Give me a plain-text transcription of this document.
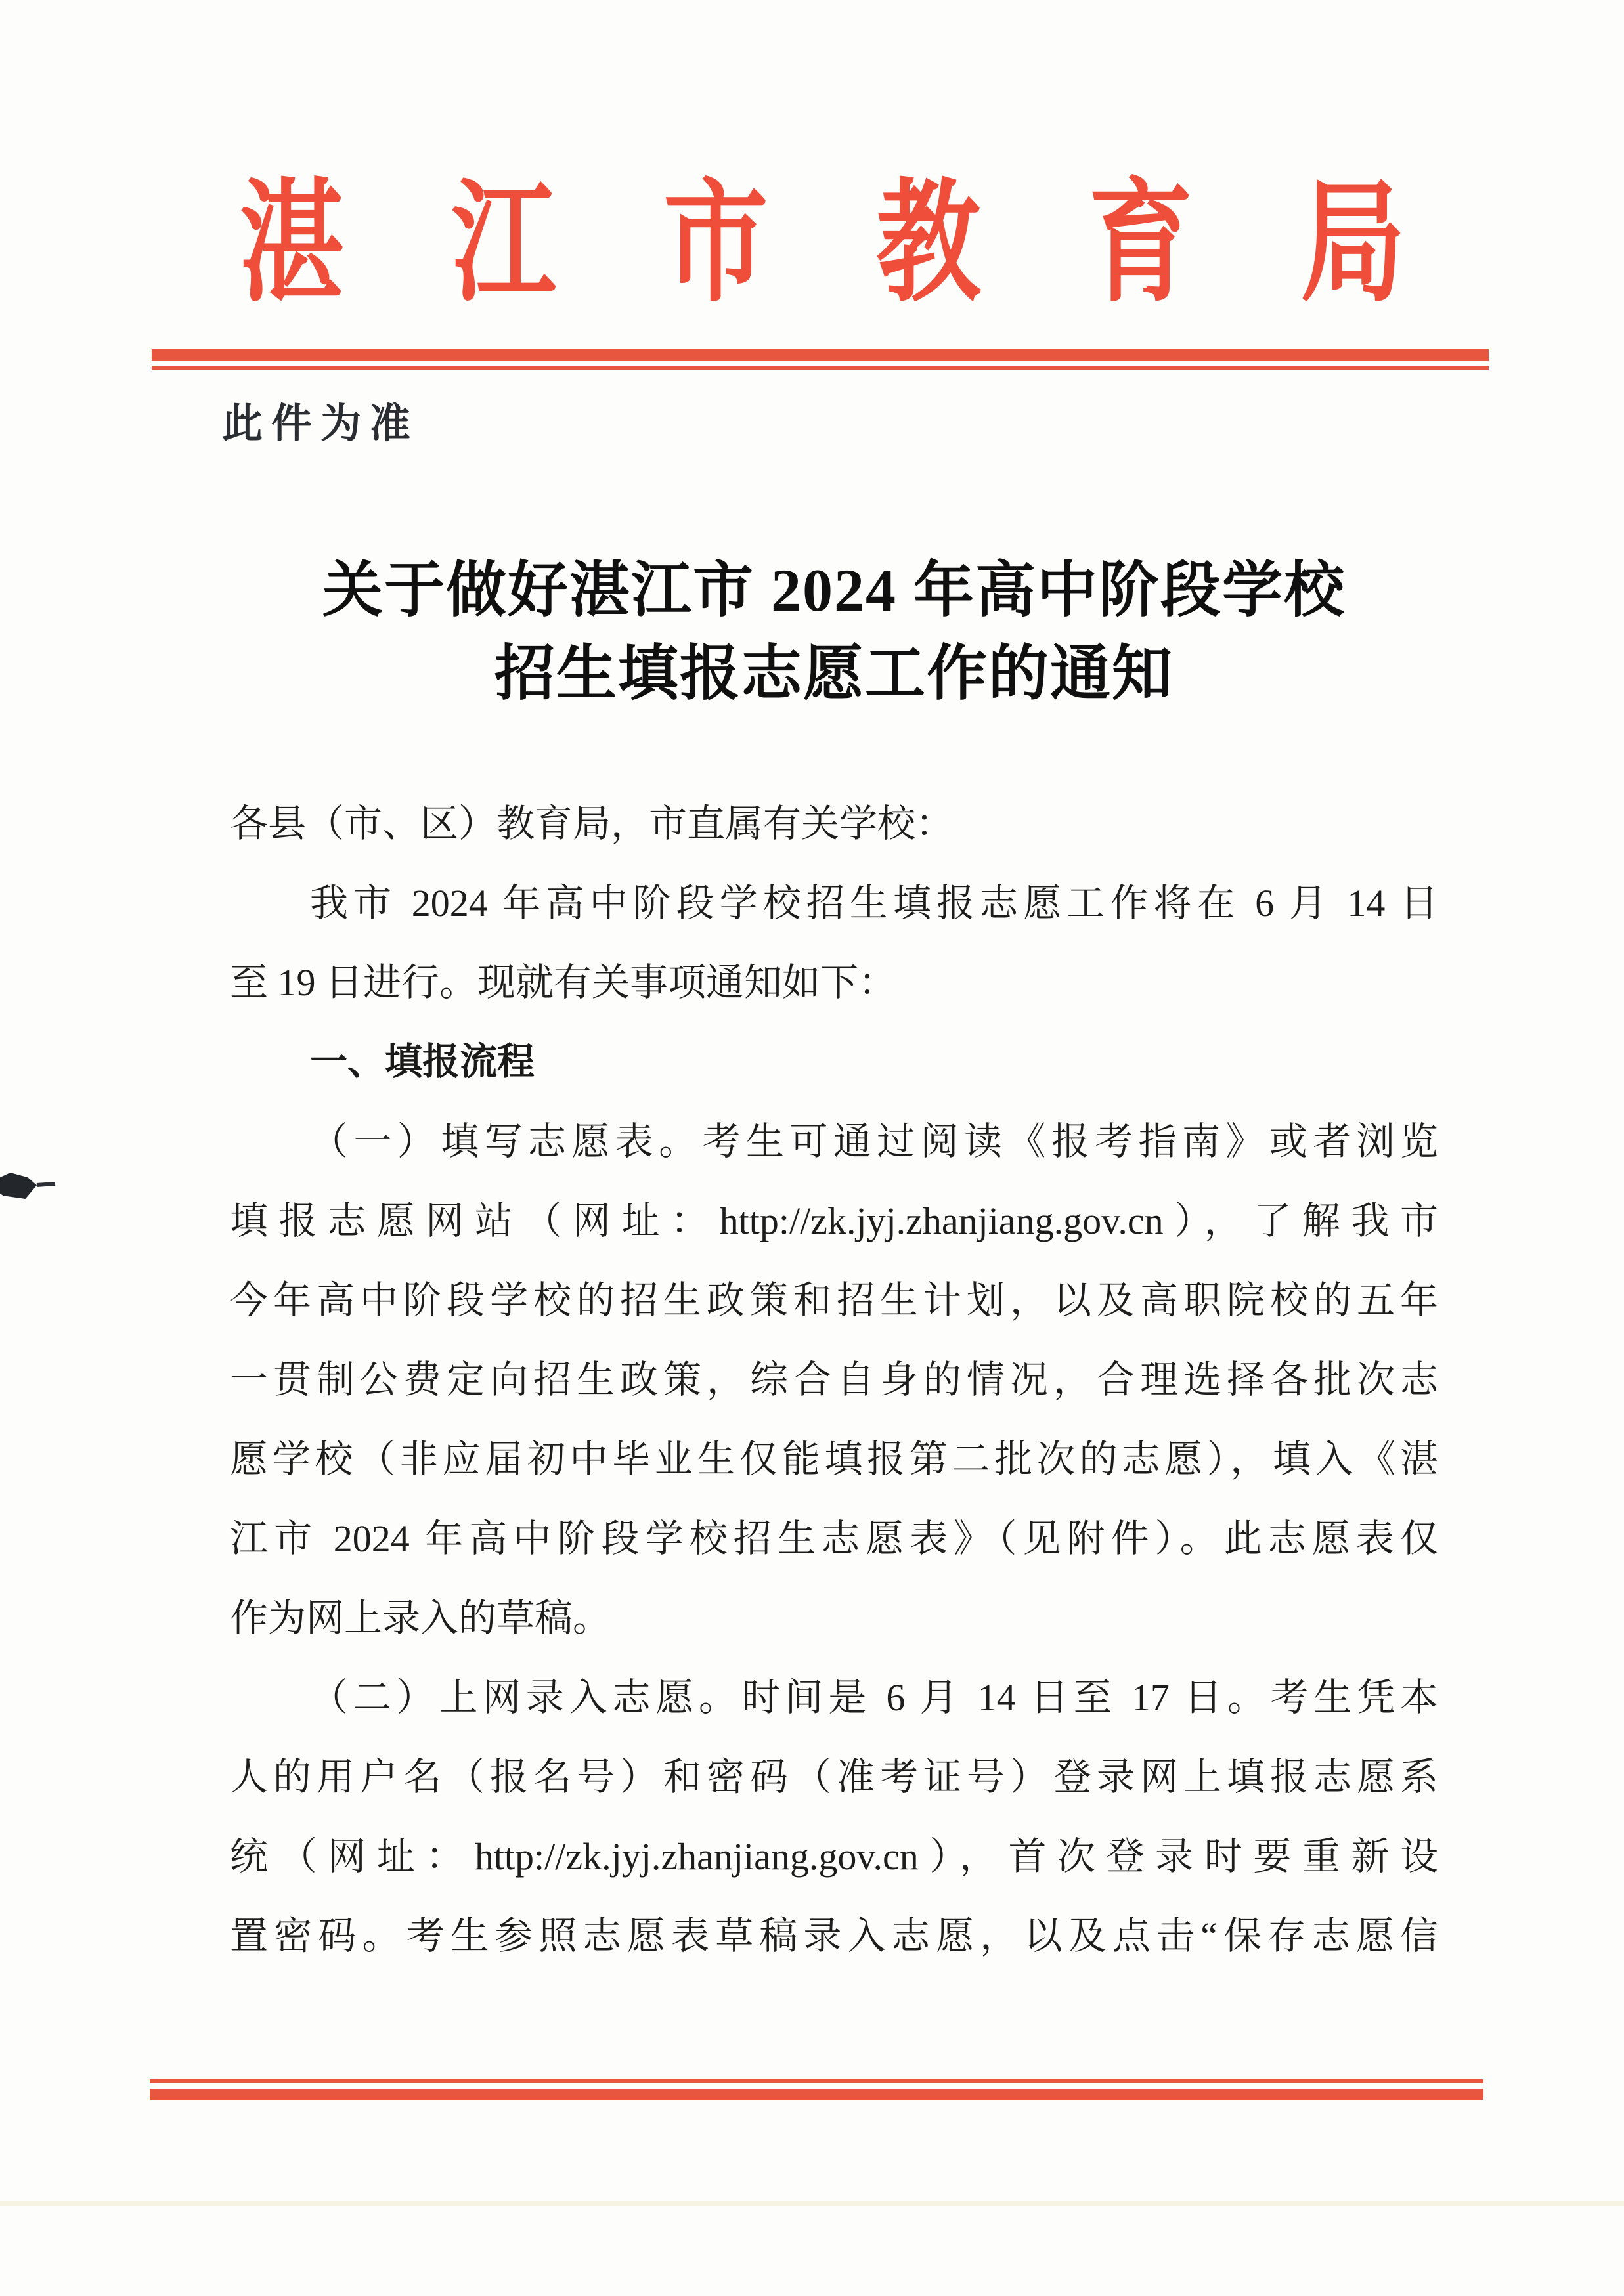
湛 江 市 教 育 局
此件为准
关于做好湛江市 2024 年高中阶段学校
招生填报志愿工作的通知
各县（市、区）教育局，市直属有关学校：
我市 2024 年高中阶段学校招生填报志愿工作将在 6 月 14 日
至 19 日进行。现就有关事项通知如下：
一、填报流程
（一）填写志愿表。考生可通过阅读《报考指南》或者浏览
填报志愿网站（网址：http://zk.jyj.zhanjiang.gov.cn），了解我市
今年高中阶段学校的招生政策和招生计划，以及高职院校的五年
一贯制公费定向招生政策，综合自身的情况，合理选择各批次志
愿学校（非应届初中毕业生仅能填报第二批次的志愿），填入《湛
江市 2024 年高中阶段学校招生志愿表》（见附件）。此志愿表仅
作为网上录入的草稿。
（二）上网录入志愿。时间是 6 月 14 日至 17 日。考生凭本
人的用户名（报名号）和密码（准考证号）登录网上填报志愿系
统（网址：http://zk.jyj.zhanjiang.gov.cn），首次登录时要重新设
置密码。考生参照志愿表草稿录入志愿，以及点击“保存志愿信
